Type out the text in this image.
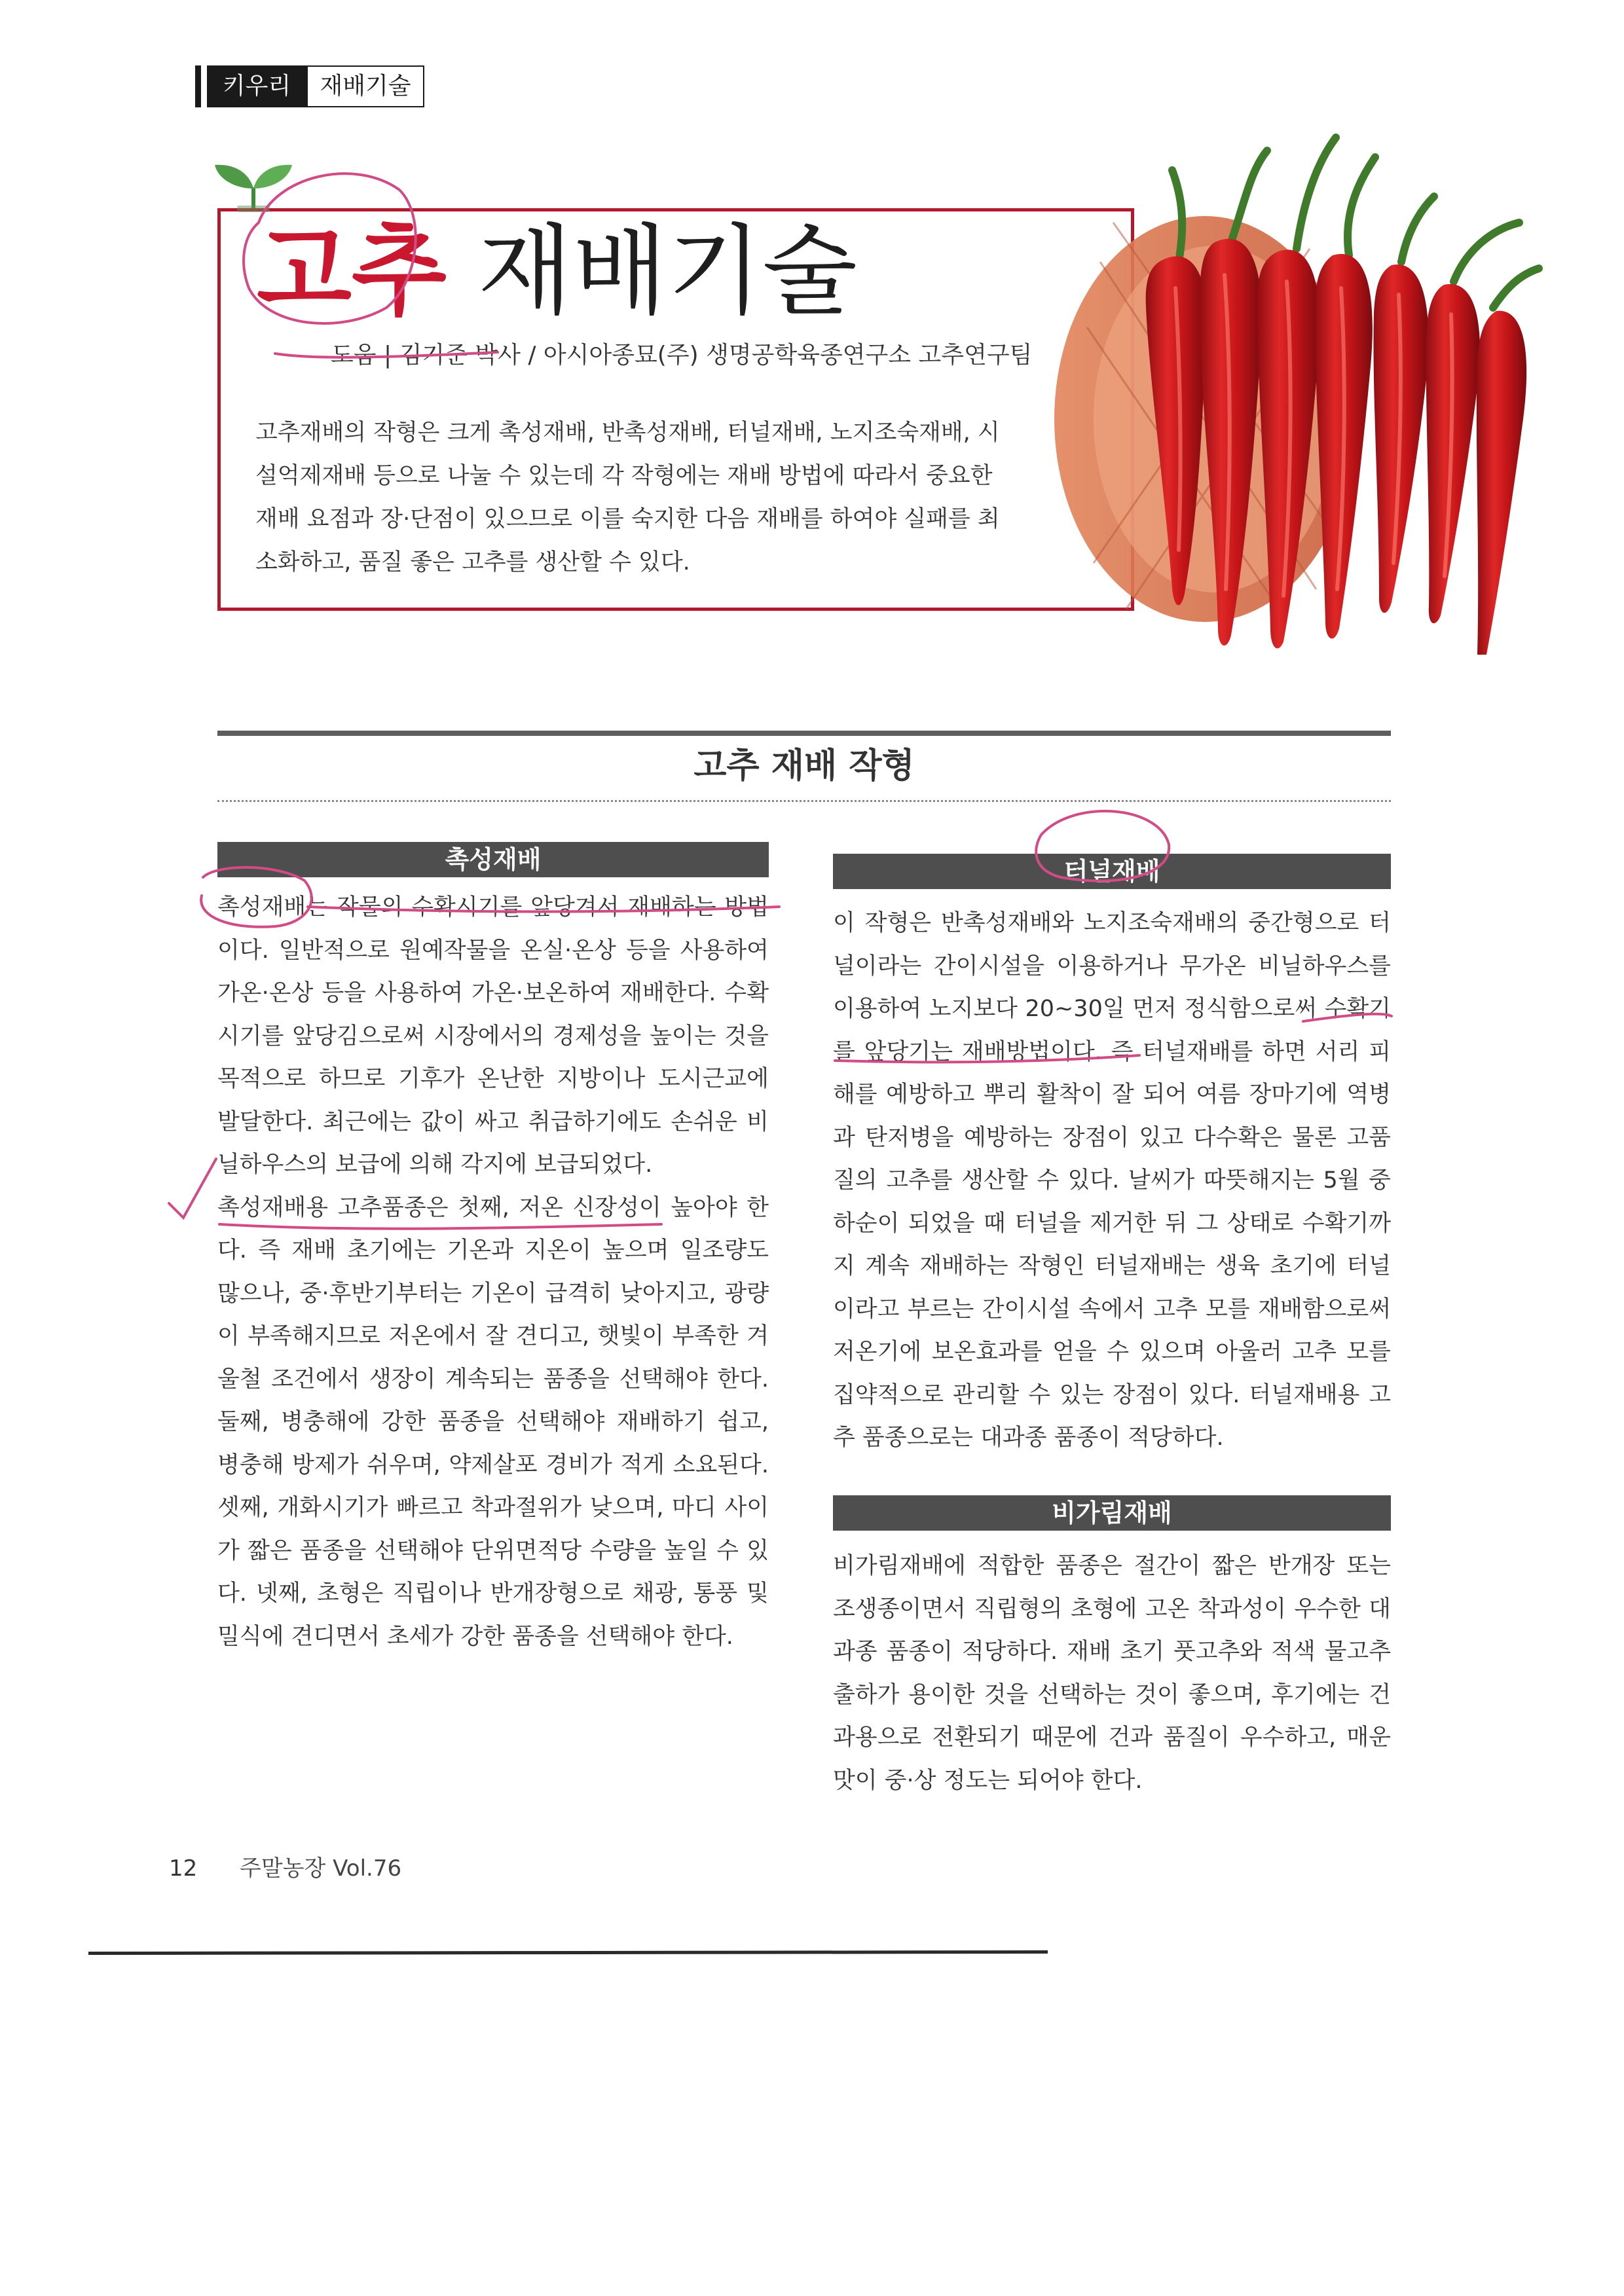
키우리	재배기술
고추 재배기술
도움 | 김기준 박사 / 아시아종묘(주) 생명공학육종연구소 고추연구팀
고추재배의 작형은 크게 촉성재배, 반촉성재배, 터널재배, 노지조숙재배, 시설억제재배 등으로 나눌 수 있는데 각 작형에는 재배 방법에 따라서 중요한 재배 요점과 장·단점이 있으므로 이를 숙지한 다음 재배를 하여야 실패를 최소화하고, 품질 좋은 고추를 생산할 수 있다.
고추 재배 작형
촉성재배

촉성재배는 작물의 수확시기를 앞당겨서 재배하는 방법이다. 일반적으로 원예작물을 온실·온상 등을 사용하여 가온·온상 등을 사용하여 가온·보온하여 재배한다. 수확시기를 앞당김으로써 시장에서의 경제성을 높이는 것을 목적으로 하므로 기후가 온난한 지방이나 도시근교에 발달한다. 최근에는 값이 싸고 취급하기에도 손쉬운 비닐하우스의 보급에 의해 각지에 보급되었다.

촉성재배용 고추품종은 첫째, 저온 신장성이 높아야 한다. 즉 재배 초기에는 기온과 지온이 높으며 일조량도 많으나, 중·후반기부터는 기온이 급격히 낮아지고, 광량이 부족해지므로 저온에서 잘 견디고, 햇빛이 부족한 겨울철 조건에서 생장이 계속되는 품종을 선택해야 한다. 둘째, 병충해에 강한 품종을 선택해야 재배하기 쉽고, 병충해 방제가 쉬우며, 약제살포 경비가 적게 소요된다. 셋째, 개화시기가 빠르고 착과절위가 낮으며, 마디 사이가 짧은 품종을 선택해야 단위면적당 수량을 높일 수 있다. 넷째, 초형은 직립이나 반개장형으로 채광, 통풍 및 밀식에 견디면서 초세가 강한 품종을 선택해야 한다.

터널재배

이 작형은 반촉성재배와 노지조숙재배의 중간형으로 터널이라는 간이시설을 이용하거나 무가온 비닐하우스를 이용하여 노지보다 20~30일 먼저 정식함으로써 수확기를 앞당기는 재배방법이다. 즉 터널재배를 하면 서리 피해를 예방하고 뿌리 활착이 잘 되어 여름 장마기에 역병과 탄저병을 예방하는 장점이 있고 다수확은 물론 고품질의 고추를 생산할 수 있다. 날씨가 따뜻해지는 5월 중하순이 되었을 때 터널을 제거한 뒤 그 상태로 수확기까지 계속 재배하는 작형인 터널재배는 생육 초기에 터널이라고 부르는 간이시설 속에서 고추 모를 재배함으로써 저온기에 보온효과를 얻을 수 있으며 아울러 고추 모를 집약적으로 관리할 수 있는 장점이 있다. 터널재배용 고추 품종으로는 대과종 품종이 적당하다.

비가림재배

비가림재배에 적합한 품종은 절간이 짧은 반개장 또는 조생종이면서 직립형의 초형에 고온 착과성이 우수한 대과종 품종이 적당하다. 재배 초기 풋고추와 적색 물고추 출하가 용이한 것을 선택하는 것이 좋으며, 후기에는 건과용으로 전환되기 때문에 건과 품질이 우수하고, 매운맛이 중·상 정도는 되어야 한다.

12 주말농장 Vol.76
